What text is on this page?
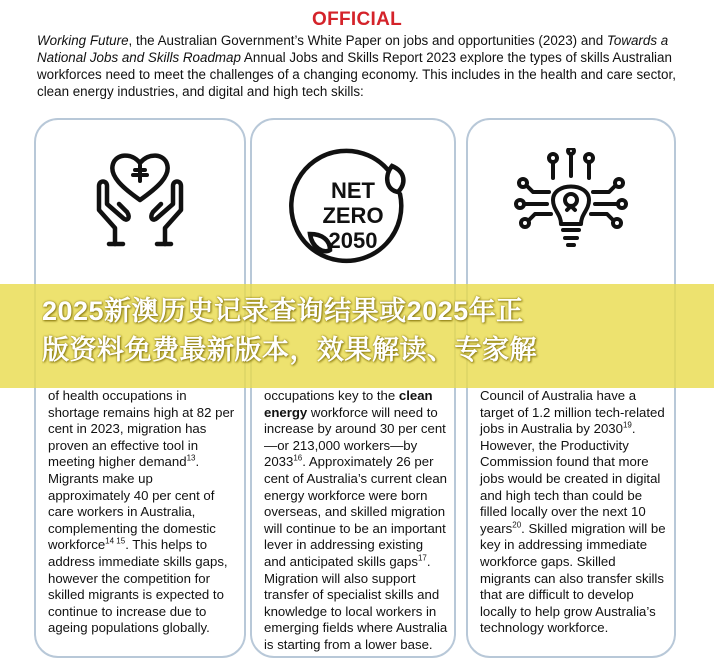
OFFICIAL

Working Future, the Australian Government’s White Paper on jobs and opportunities (2023) and Towards a National Jobs and Skills Roadmap Annual Jobs and Skills Report 2023 explore the types of skills Australian workforces need to meet the challenges of a changing economy. This includes in the health and care sector, clean energy industries, and digital and high tech skills:

of health occupations in shortage remains high at 82 per cent in 2023, migration has proven an effective tool in meeting higher demand$^{13}$. Migrants make up approximately 40 per cent of care workers in Australia, complementing the domestic workforce$^{14 15}$. This helps to address immediate skills gaps, however the competition for skilled migrants is expected to continue to increase due to ageing populations globally.

NET
ZERO
2050

occupations key to the clean energy workforce will need to increase by around 30 per cent—or 213,000 workers—by 2033$^{16}$. Approximately 26 per cent of Australia’s current clean energy workforce were born overseas, and skilled migration will continue to be an important lever in addressing existing and anticipated skills gaps$^{17}$. Migration will also support transfer of specialist skills and knowledge to local workers in emerging fields where Australia is starting from a lower base.

Council of Australia have a target of 1.2 million tech-related jobs in Australia by 2030$^{19}$. However, the Productivity Commission found that more jobs would be created in digital and high tech than could be filled locally over the next 10 years$^{20}$. Skilled migration will be key in addressing immediate workforce gaps. Skilled migrants can also transfer skills that are difficult to develop locally to help grow Australia’s technology workforce.

2025新澳历史记录查询结果或2025年正
版资料免费最新版本，效果解读、专家解
